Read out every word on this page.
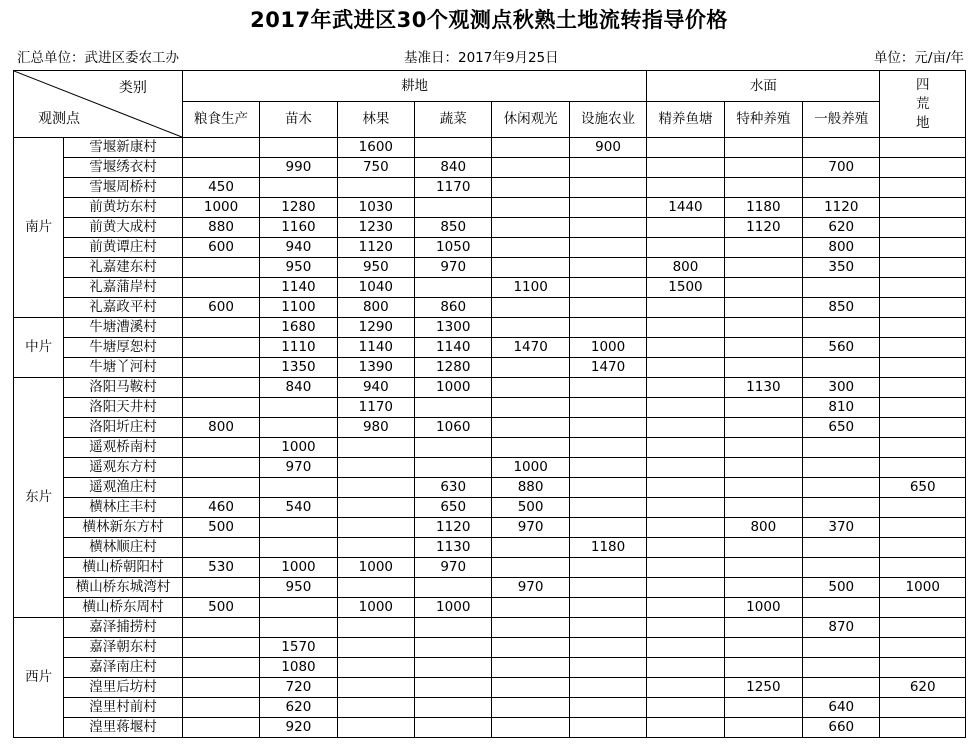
2017年武进区30个观测点秋熟土地流转指导价格
汇总单位：武进区委农工办	基准日：2017年9月25日	单位：元/亩/年
类别
观测点		耕地						水面			四荒地

		粮食生产	苗木	林果	蔬菜	休闲观光	设施农业	精养鱼塘	特种养殖	一般养殖	
南片	雪堰新康村			1600			900				
	雪堰绣衣村		990	750	840					700	
	雪堰周桥村	450			1170						
	前黄坊东村	1000	1280	1030				1440	1180	1120	
	前黄大成村	880	1160	1230	850				1120	620	
	前黄谭庄村	600	940	1120	1050					800	
	礼嘉建东村		950	950	970			800		350	
	礼嘉蒲岸村		1140	1040		1100		1500			
	礼嘉政平村	600	1100	800	860					850	
中片	牛塘漕溪村		1680	1290	1300						
	牛塘厚恕村		1110	1140	1140	1470	1000			560	
	牛塘丫河村		1350	1390	1280		1470				
东片	洛阳马鞍村		840	940	1000				1130	300	
	洛阳天井村			1170						810	
	洛阳圻庄村	800		980	1060					650	
	遥观桥南村		1000								
	遥观东方村		970			1000					
	遥观渔庄村				630	880					650
	横林庄丰村	460	540		650	500					
	横林新东方村	500			1120	970			800	370	
	横林顺庄村				1130		1180				
	横山桥朝阳村	530	1000	1000	970						
	横山桥东城湾村		950			970				500	1000
	横山桥东周村	500		1000	1000				1000		
西片	嘉泽捕捞村									870	
	嘉泽朝东村		1570								
	嘉泽南庄村		1080								
	湟里后坊村		720						1250		620
	湟里村前村		620							640	
	湟里蒋堰村		920							660	
